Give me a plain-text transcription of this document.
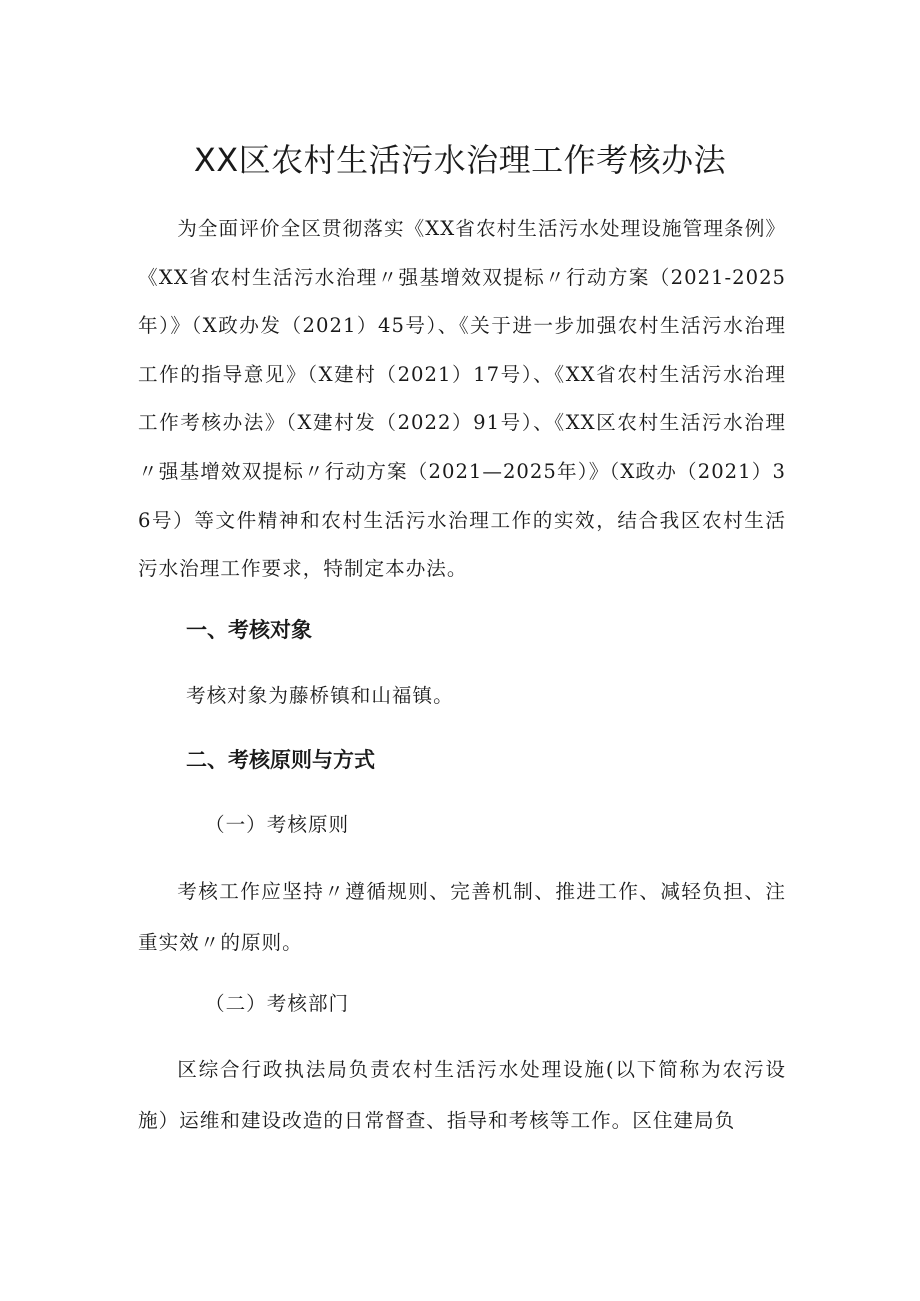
XX区农村生活污水治理工作考核办法

为全面评价全区贯彻落实《XX省农村生活污水处理设施管理条例》《XX省农村生活污水治理〃强基增效双提标〃行动方案（2021-2025年）》（X政办发（2021）45号）、《关于进一步加强农村生活污水治理工作的指导意见》（X建村（2021）17号）、《XX省农村生活污水治理工作考核办法》（X建村发（2022）91号）、《XX区农村生活污水治理〃强基增效双提标〃行动方案（2021—2025年）》（X政办（2021）36号）等文件精神和农村生活污水治理工作的实效，结合我区农村生活污水治理工作要求，特制定本办法。

一、考核对象
考核对象为藤桥镇和山福镇。
二、考核原则与方式
（一）考核原则

考核工作应坚持〃遵循规则、完善机制、推进工作、减轻负担、注重实效〃的原则。

（二）考核部门

区综合行政执法局负责农村生活污水处理设施(以下简称为农污设施）运维和建设改造的日常督查、指导和考核等工作。区住建局负
